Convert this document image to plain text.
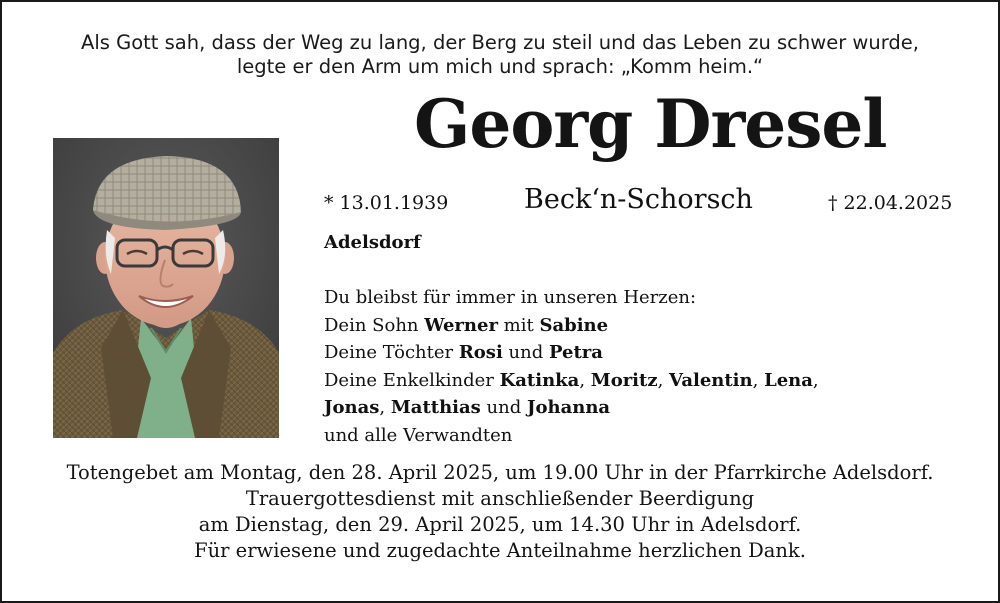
Als Gott sah, dass der Weg zu lang, der Berg zu steil und das Leben zu schwer wurde,
legte er den Arm um mich und sprach: „Komm heim.“
Georg Dresel
* 13.01.1939	Beck‘n-Schorsch	† 22.04.2025
Adelsdorf
Du bleibst für immer in unseren Herzen:
Dein Sohn Werner mit Sabine
Deine Töchter Rosi und Petra
Deine Enkelkinder Katinka, Moritz, Valentin, Lena,
Jonas, Matthias und Johanna
und alle Verwandten
Totengebet am Montag, den 28. April 2025, um 19.00 Uhr in der Pfarrkirche Adelsdorf.
Trauergottesdienst mit anschließender Beerdigung
am Dienstag, den 29. April 2025, um 14.30 Uhr in Adelsdorf.
Für erwiesene und zugedachte Anteilnahme herzlichen Dank.
